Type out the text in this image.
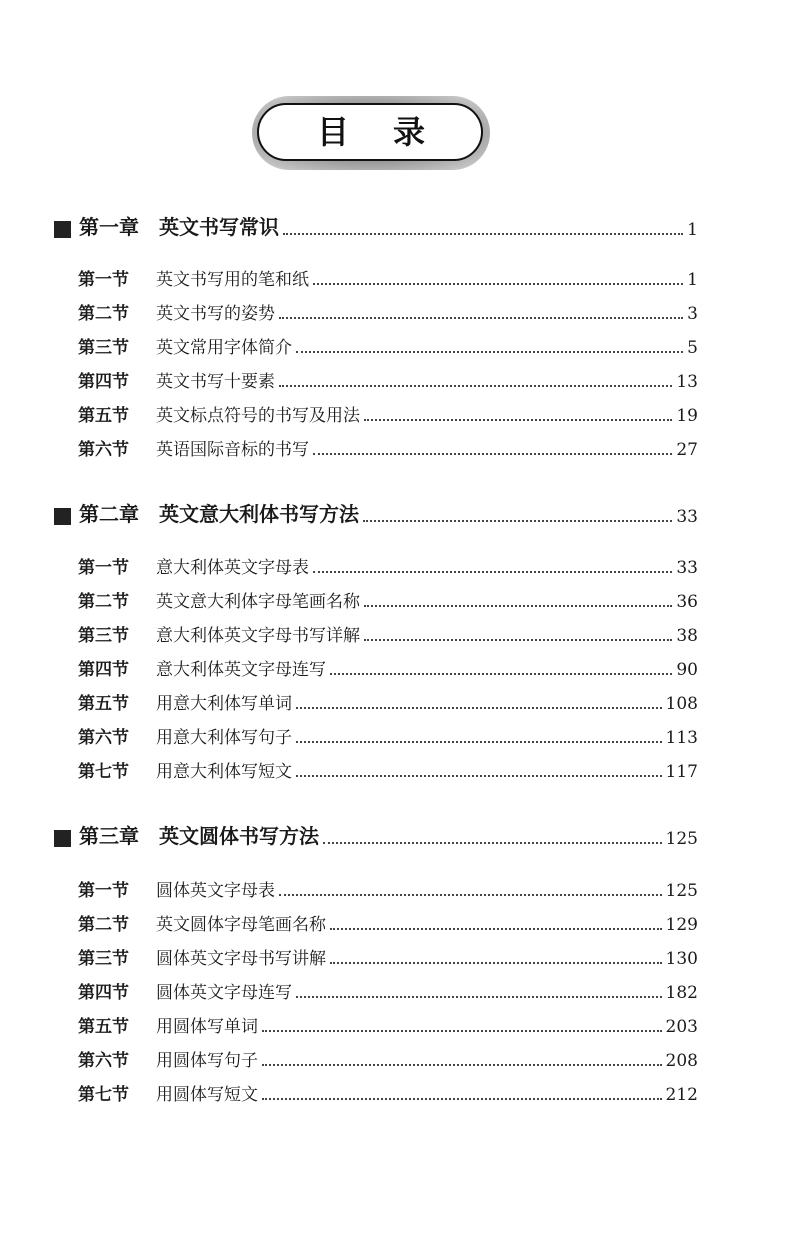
目 录
第一章 英文书写常识	1
第一节	英文书写用的笔和纸	1
第二节	英文书写的姿势	3
第三节	英文常用字体简介	5
第四节	英文书写十要素	13
第五节	英文标点符号的书写及用法	19
第六节	英语国际音标的书写	27
第二章 英文意大利体书写方法	33
第一节	意大利体英文字母表	33
第二节	英文意大利体字母笔画名称	36
第三节	意大利体英文字母书写详解	38
第四节	意大利体英文字母连写	90
第五节	用意大利体写单词	108
第六节	用意大利体写句子	113
第七节	用意大利体写短文	117
第三章 英文圆体书写方法	125
第一节	圆体英文字母表	125
第二节	英文圆体字母笔画名称	129
第三节	圆体英文字母书写讲解	130
第四节	圆体英文字母连写	182
第五节	用圆体写单词	203
第六节	用圆体写句子	208
第七节	用圆体写短文	212
